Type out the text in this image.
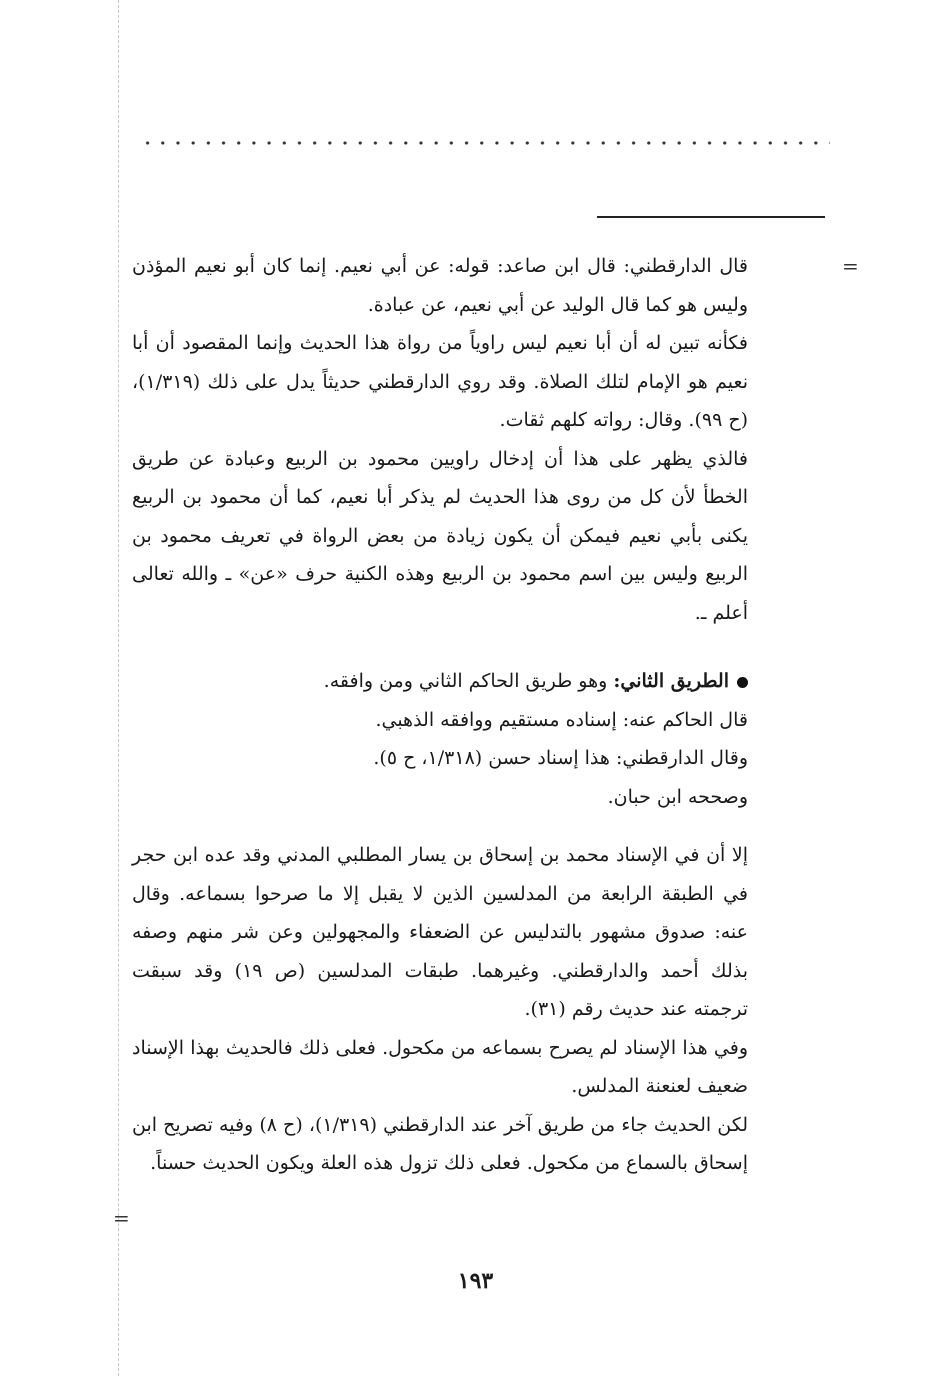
=
=

قال الدارقطني: قال ابن صاعد: قوله: عن أبي نعيم. إنما كان أبو نعيم المؤذن وليس هو كما قال الوليد عن أبي نعيم، عن عبادة.

فكأنه تبين له أن أبا نعيم ليس راوياً من رواة هذا الحديث وإنما المقصود أن أبا نعيم هو الإمام لتلك الصلاة. وقد روي الدارقطني حديثاً يدل على ذلك (١/٣١٩)، (ح ٩٩). وقال: رواته كلهم ثقات.

فالذي يظهر على هذا أن إدخال راويين محمود بن الربيع وعبادة عن طريق الخطأ لأن كل من روى هذا الحديث لم يذكر أبا نعيم، كما أن محمود بن الربيع يكنى بأبي نعيم فيمكن أن يكون زيادة من بعض الرواة في تعريف محمود بن الربيع وليس بين اسم محمود بن الربيع وهذه الكنية حرف «عن» ـ والله تعالى أعلم ـ.

الطريق الثاني: وهو طريق الحاكم الثاني ومن وافقه.

قال الحاكم عنه: إسناده مستقيم ووافقه الذهبي.

وقال الدارقطني: هذا إسناد حسن (١/٣١٨، ح ٥).

وصححه ابن حبان.

إلا أن في الإسناد محمد بن إسحاق بن يسار المطلبي المدني وقد عده ابن حجر في الطبقة الرابعة من المدلسين الذين لا يقبل إلا ما صرحوا بسماعه. وقال عنه: صدوق مشهور بالتدليس عن الضعفاء والمجهولين وعن شر منهم وصفه بذلك أحمد والدارقطني. وغيرهما. طبقات المدلسين (ص ١٩) وقد سبقت ترجمته عند حديث رقم (٣١).

وفي هذا الإسناد لم يصرح بسماعه من مكحول. فعلى ذلك فالحديث بهذا الإسناد ضعيف لعنعنة المدلس.

لكن الحديث جاء من طريق آخر عند الدارقطني (١/٣١٩)، (ح ٨) وفيه تصريح ابن إسحاق بالسماع من مكحول. فعلى ذلك تزول هذه العلة ويكون الحديث حسناً.

١٩٣
